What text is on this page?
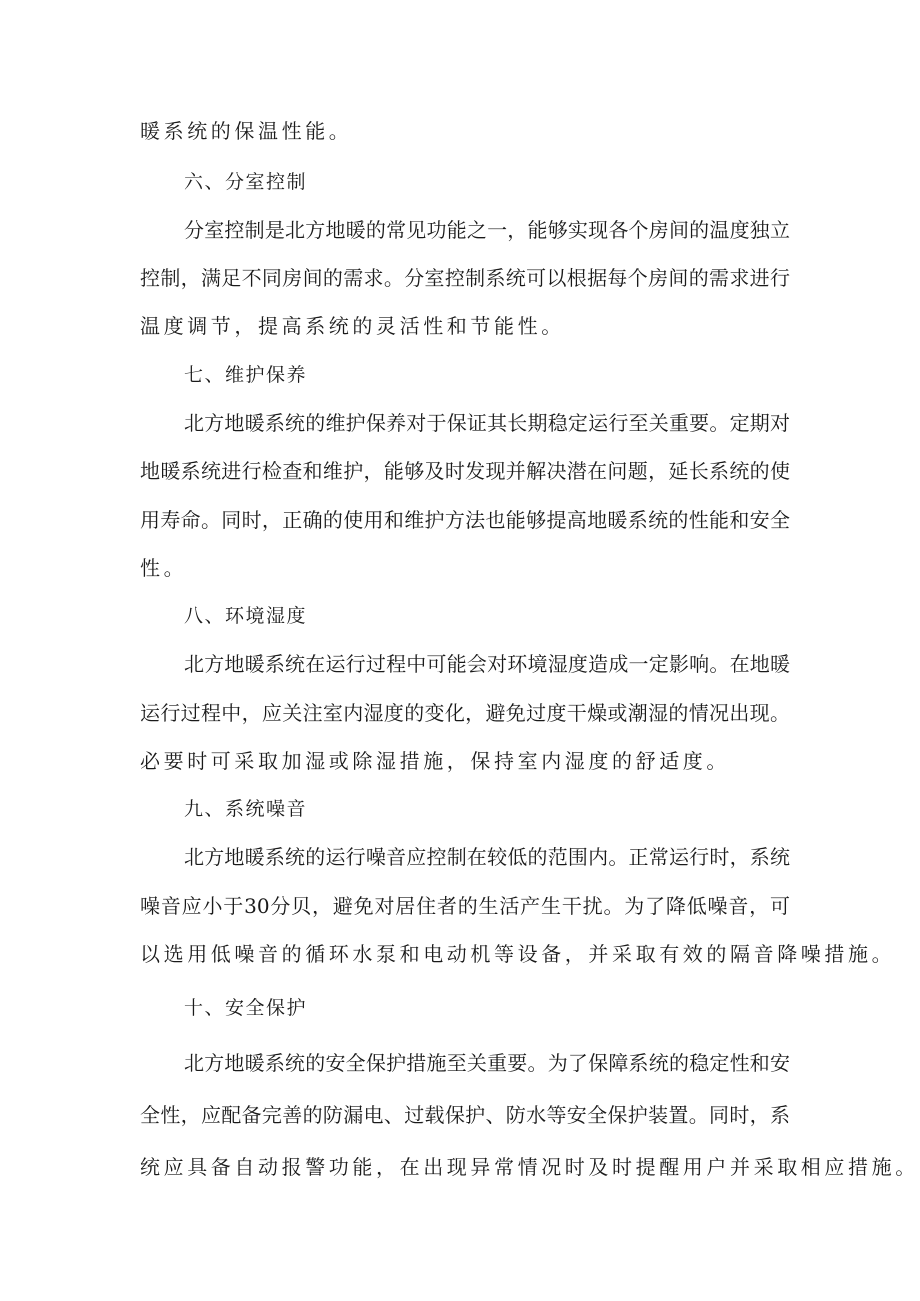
暖系统的保温性能。
六、分室控制
分室控制是北方地暖的常见功能之一，能够实现各个房间的温度独立
控制，满足不同房间的需求。分室控制系统可以根据每个房间的需求进行
温度调节，提高系统的灵活性和节能性。
七、维护保养
北方地暖系统的维护保养对于保证其长期稳定运行至关重要。定期对
地暖系统进行检查和维护，能够及时发现并解决潜在问题，延长系统的使
用寿命。同时，正确的使用和维护方法也能够提高地暖系统的性能和安全
性。
八、环境湿度
北方地暖系统在运行过程中可能会对环境湿度造成一定影响。在地暖
运行过程中，应关注室内湿度的变化，避免过度干燥或潮湿的情况出现。
必要时可采取加湿或除湿措施，保持室内湿度的舒适度。
九、系统噪音
北方地暖系统的运行噪音应控制在较低的范围内。正常运行时，系统
噪音应小于30分贝，避免对居住者的生活产生干扰。为了降低噪音，可
以选用低噪音的循环水泵和电动机等设备，并采取有效的隔音降噪措施。
十、安全保护
北方地暖系统的安全保护措施至关重要。为了保障系统的稳定性和安
全性，应配备完善的防漏电、过载保护、防水等安全保护装置。同时，系
统应具备自动报警功能，在出现异常情况时及时提醒用户并采取相应措施。
